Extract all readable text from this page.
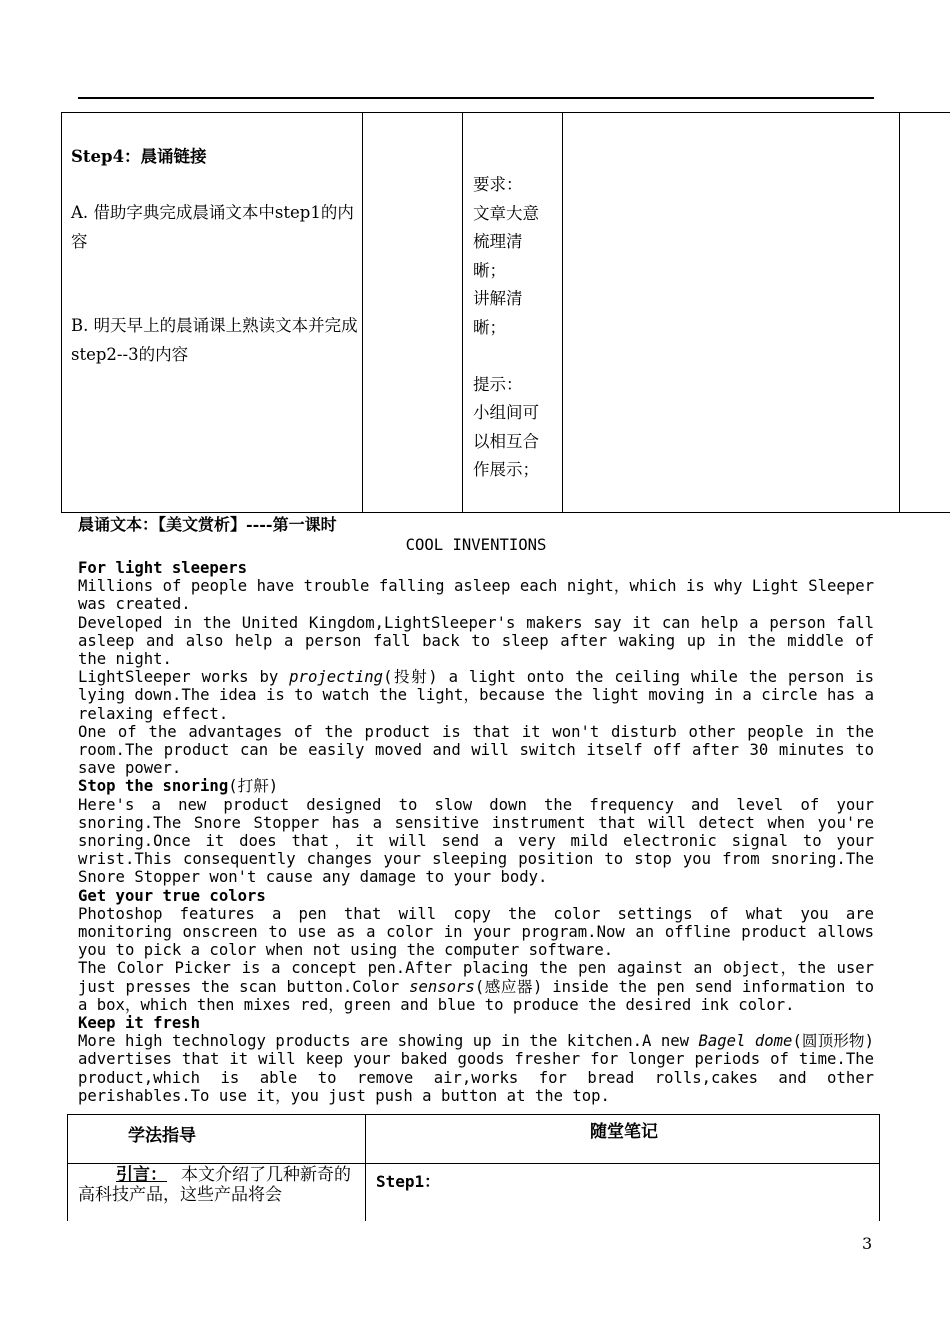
Step4：晨诵链接
A. 借助字典完成晨诵文本中step1的内容
B. 明天早上的晨诵课上熟读文本并完成step2--3的内容
要求：
文章大意
梳理清
晰；
讲解清
晰；
提示：
小组间可
以相互合
作展示；
晨诵文本：【美文赏析】----第一课时
COOL INVENTIONS
For light sleepers
Millions of people have trouble falling asleep each night，which is why Light Sleeper was created.
Developed in the United Kingdom,LightSleeper's makers say it can help a person fall asleep and also help a person fall back to sleep after waking up in the middle of the night.
LightSleeper works by projecting(投射) a light onto the ceiling while the person is lying down.The idea is to watch the light，because the light moving in a circle has a relaxing effect.
One of the advantages of the product is that it won't disturb other people in the room.The product can be easily moved and will switch itself off after 30 minutes to save power.
Stop the snoring(打鼾)
Here's a new product designed to slow down the frequency and level of your snoring.The Snore Stopper has a sensitive instrument that will detect when you're snoring.Once it does that，it will send a very mild electronic signal to your wrist.This consequently changes your sleeping position to stop you from snoring.The Snore Stopper won't cause any damage to your body.
Get your true colors
Photoshop features a pen that will copy the color settings of what you are monitoring onscreen to use as a color in your program.Now an offline product allows you to pick a color when not using the computer software.
The Color Picker is a concept pen.After placing the pen against an object，the user just presses the scan button.Color sensors(感应器) inside the pen send information to a box，which then mixes red，green and blue to produce the desired ink color.
Keep it fresh
More high technology products are showing up in the kitchen.A new Bagel dome(圆顶形物) advertises that it will keep your baked goods fresher for longer periods of time.The product,which is able to remove air,works for bread rolls,cakes and other perishables.To use it，you just push a button at the top.
学法指导	随堂笔记
引言： 本文介绍了几种新奇的高科技产品，这些产品将会
Step1：
3
